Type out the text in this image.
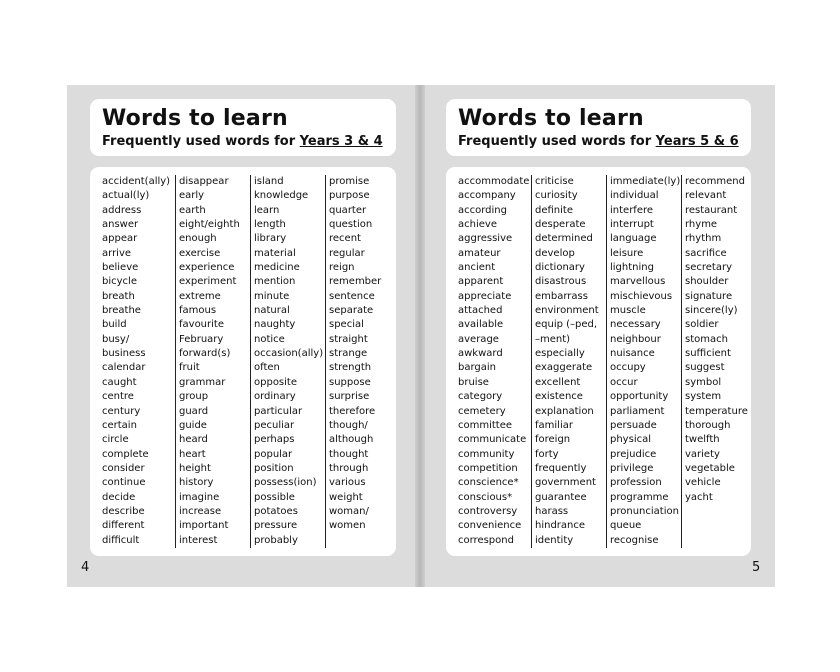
Words to learn
Frequently used words for Years 3 & 4
accident(ally)
actual(ly)
address
answer
appear
arrive
believe
bicycle
breath
breathe
build
busy/
business
calendar
caught
centre
century
certain
circle
complete
consider
continue
decide
describe
different
difficult
disappear
early
earth
eight/eighth
enough
exercise
experience
experiment
extreme
famous
favourite
February
forward(s)
fruit
grammar
group
guard
guide
heard
heart
height
history
imagine
increase
important
interest
island
knowledge
learn
length
library
material
medicine
mention
minute
natural
naughty
notice
occasion(ally)
often
opposite
ordinary
particular
peculiar
perhaps
popular
position
possess(ion)
possible
potatoes
pressure
probably
promise
purpose
quarter
question
recent
regular
reign
remember
sentence
separate
special
straight
strange
strength
suppose
surprise
therefore
though/
although
thought
through
various
weight
woman/
women
4
Words to learn
Frequently used words for Years 5 & 6
accommodate
accompany
according
achieve
aggressive
amateur
ancient
apparent
appreciate
attached
available
average
awkward
bargain
bruise
category
cemetery
committee
communicate
community
competition
conscience*
conscious*
controversy
convenience
correspond
criticise
curiosity
definite
desperate
determined
develop
dictionary
disastrous
embarrass
environment
equip (–ped,
–ment)
especially
exaggerate
excellent
existence
explanation
familiar
foreign
forty
frequently
government
guarantee
harass
hindrance
identity
immediate(ly)
individual
interfere
interrupt
language
leisure
lightning
marvellous
mischievous
muscle
necessary
neighbour
nuisance
occupy
occur
opportunity
parliament
persuade
physical
prejudice
privilege
profession
programme
pronunciation
queue
recognise
recommend
relevant
restaurant
rhyme
rhythm
sacrifice
secretary
shoulder
signature
sincere(ly)
soldier
stomach
sufficient
suggest
symbol
system
temperature
thorough
twelfth
variety
vegetable
vehicle
yacht
5
